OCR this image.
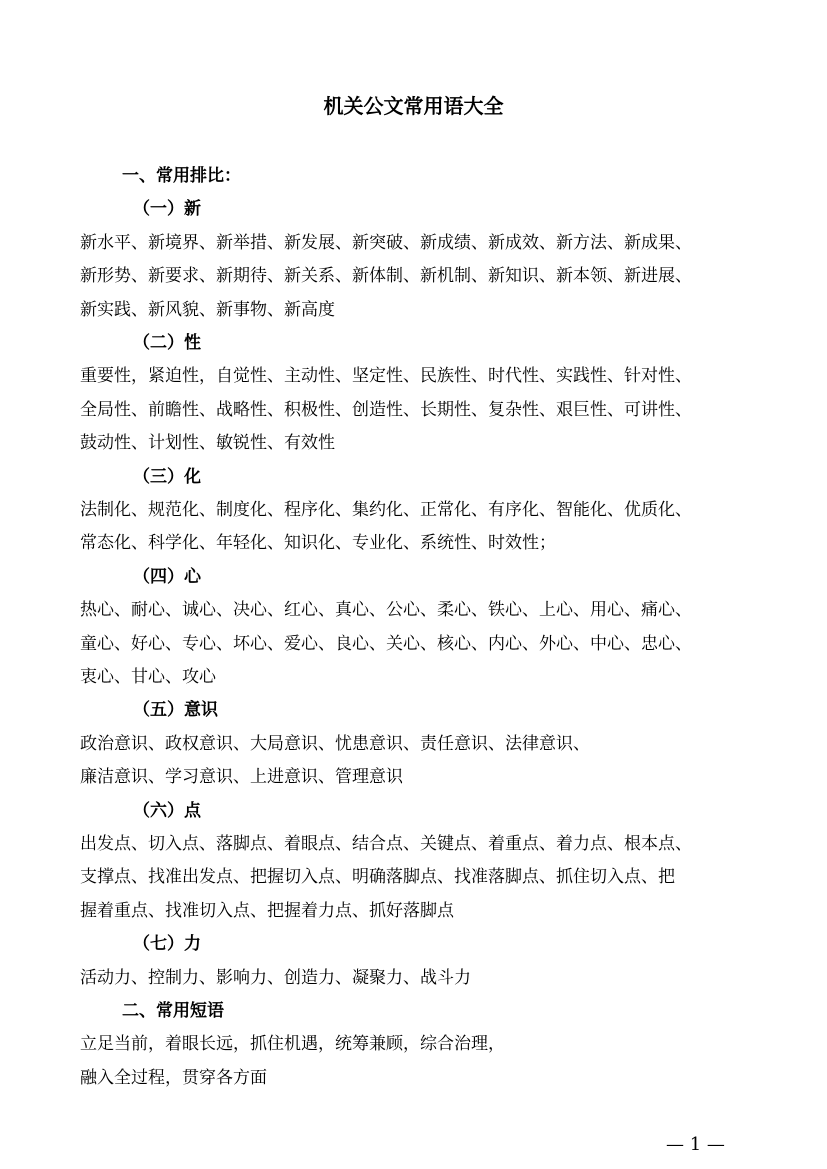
机关公文常用语大全
一、常用排比：
（一）新
新水平、新境界、新举措、新发展、新突破、新成绩、新成效、新方法、新成果、
新形势、新要求、新期待、新关系、新体制、新机制、新知识、新本领、新进展、
新实践、新风貌、新事物、新高度
（二）性
重要性，紧迫性，自觉性、主动性、坚定性、民族性、时代性、实践性、针对性、
全局性、前瞻性、战略性、积极性、创造性、长期性、复杂性、艰巨性、可讲性、
鼓动性、计划性、敏锐性、有效性
（三）化
法制化、规范化、制度化、程序化、集约化、正常化、有序化、智能化、优质化、
常态化、科学化、年轻化、知识化、专业化、系统性、时效性；
（四）心
热心、耐心、诚心、决心、红心、真心、公心、柔心、铁心、上心、用心、痛心、
童心、好心、专心、坏心、爱心、良心、关心、核心、内心、外心、中心、忠心、
衷心、甘心、攻心
（五）意识
政治意识、政权意识、大局意识、忧患意识、责任意识、法律意识、
廉洁意识、学习意识、上进意识、管理意识
（六）点
出发点、切入点、落脚点、着眼点、结合点、关键点、着重点、着力点、根本点、
支撑点、找准出发点、把握切入点、明确落脚点、找准落脚点、抓住切入点、把
握着重点、找准切入点、把握着力点、抓好落脚点
（七）力
活动力、控制力、影响力、创造力、凝聚力、战斗力
二、常用短语
立足当前，着眼长远，抓住机遇，统筹兼顾，综合治理，
融入全过程，贯穿各方面
— 1 —
